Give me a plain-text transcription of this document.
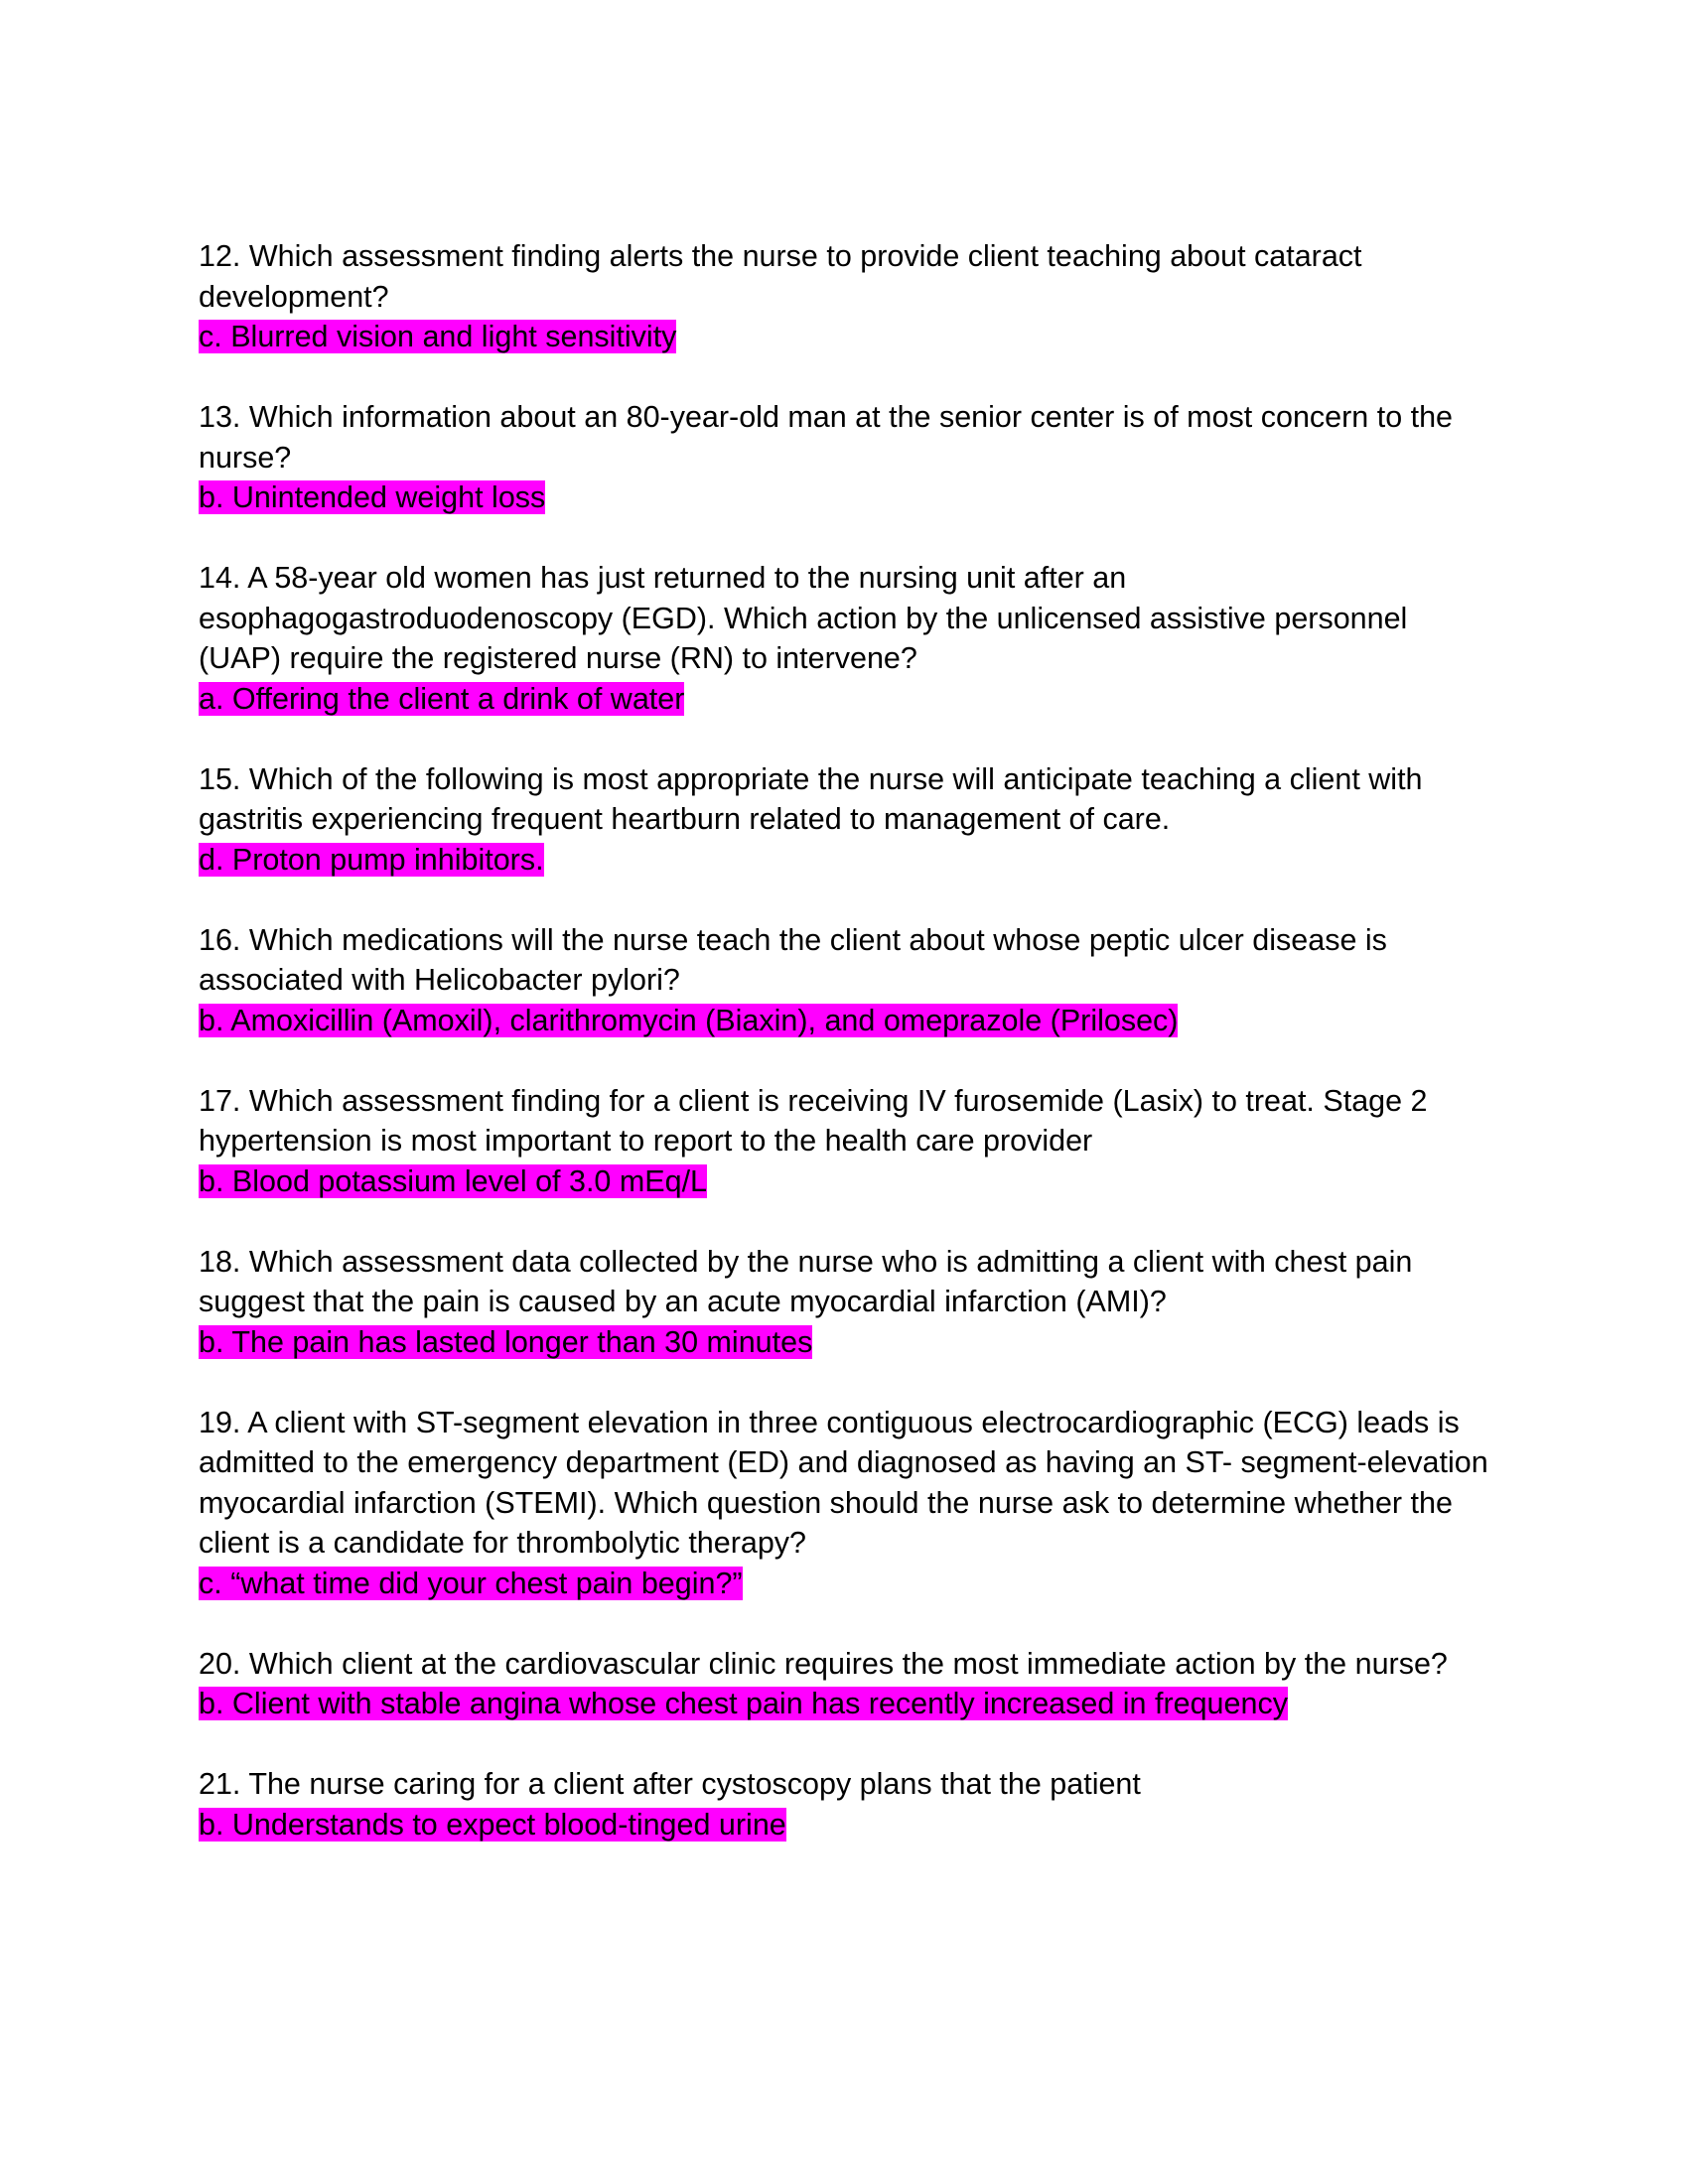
12. Which assessment finding alerts the nurse to provide client teaching about cataract development?

c. Blurred vision and light sensitivity

13. Which information about an 80-year-old man at the senior center is of most concern to the nurse?

b. Unintended weight loss

14. A 58-year old women has just returned to the nursing unit after an esophagogastroduodenoscopy (EGD). Which action by the unlicensed assistive personnel (UAP) require the registered nurse (RN) to intervene?

a. Offering the client a drink of water

15. Which of the following is most appropriate the nurse will anticipate teaching a client with gastritis experiencing frequent heartburn related to management of care.

d. Proton pump inhibitors.

16. Which medications will the nurse teach the client about whose peptic ulcer disease is associated with Helicobacter pylori?

b. Amoxicillin (Amoxil), clarithromycin (Biaxin), and omeprazole (Prilosec)

17. Which assessment finding for a client is receiving IV furosemide (Lasix) to treat. Stage 2 hypertension is most important to report to the health care provider

b. Blood potassium level of 3.0 mEq/L

18. Which assessment data collected by the nurse who is admitting a client with chest pain suggest that the pain is caused by an acute myocardial infarction (AMI)?

b. The pain has lasted longer than 30 minutes

19. A client with ST-segment elevation in three contiguous electrocardiographic (ECG) leads is admitted to the emergency department (ED) and diagnosed as having an ST- segment-elevation myocardial infarction (STEMI). Which question should the nurse ask to determine whether the client is a candidate for thrombolytic therapy?

c. “what time did your chest pain begin?”

20. Which client at the cardiovascular clinic requires the most immediate action by the nurse?

b. Client with stable angina whose chest pain has recently increased in frequency

21. The nurse caring for a client after cystoscopy plans that the patient

b. Understands to expect blood-tinged urine
